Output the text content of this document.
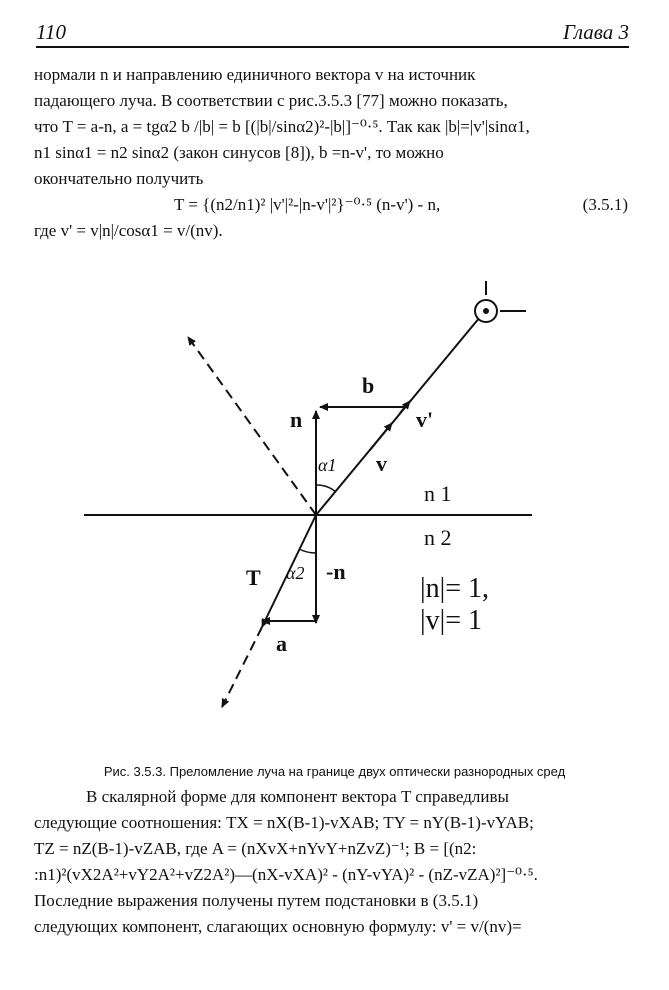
110	Глава 3
нормали n и направлению единичного вектора v на источник
падающего луча. В соответствии с рис.3.5.3 [77] можно показать,
что T = a-n, a = tgα2 b /|b| = b [(|b|/sinα2)²-|b|]⁻⁰·⁵. Так как |b|=|v'|sinα1,
n1 sinα1 = n2 sinα2 (закон синусов [8]), b =n-v', то можно
окончательно получить
T = {(n2/n1)² |v'|²-|n-v'|²}⁻⁰·⁵ (n-v') - n,	(3.5.1)
где v' = v|n|/cosα1 = v/(nv).
n
b
v'
v
α1
n 1
n 2
T α2 -n
a
|n|= 1,
|v|= 1
Рис. 3.5.3. Преломление луча на границе двух оптически разнородных сред
В скалярной форме для компонент вектора T справедливы
следующие соотношения: TX = nX(B-1)-vXAB; TY = nY(B-1)-vYAB;
TZ = nZ(B-1)-vZAB, где A = (nXvX+nYvY+nZvZ)⁻¹; B = [(n2:
:n1)²(vX2A²+vY2A²+vZ2A²)—(nX-vXA)² - (nY-vYA)² - (nZ-vZA)²]⁻⁰·⁵.
Последние выражения получены путем подстановки в (3.5.1)
следующих компонент, слагающих основную формулу: v' = v/(nv)=
